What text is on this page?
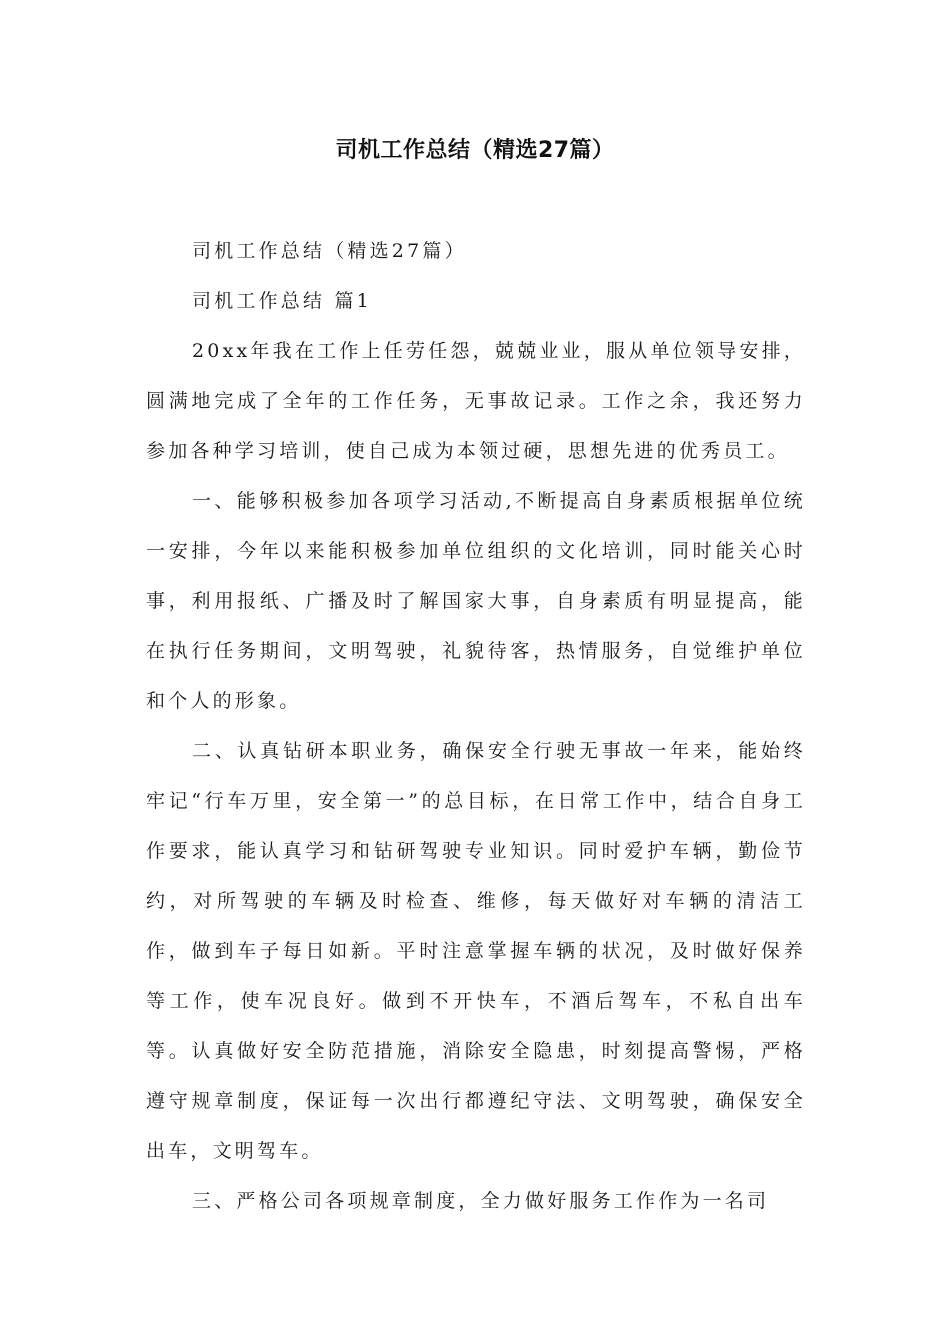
司机工作总结（精选27篇）

司机工作总结（精选27篇）

司机工作总结 篇1

20xx年我在工作上任劳任怨，兢兢业业，服从单位领导安排，圆满地完成了全年的工作任务，无事故记录。工作之余，我还努力参加各种学习培训，使自己成为本领过硬，思想先进的优秀员工。

一、能够积极参加各项学习活动,不断提高自身素质根据单位统一安排，今年以来能积极参加单位组织的文化培训，同时能关心时事，利用报纸、广播及时了解国家大事，自身素质有明显提高，能在执行任务期间，文明驾驶，礼貌待客，热情服务，自觉维护单位和个人的形象。

二、认真钻研本职业务，确保安全行驶无事故一年来，能始终牢记“行车万里，安全第一”的总目标，在日常工作中，结合自身工作要求，能认真学习和钻研驾驶专业知识。同时爱护车辆，勤俭节约，对所驾驶的车辆及时检查、维修，每天做好对车辆的清洁工作，做到车子每日如新。平时注意掌握车辆的状况，及时做好保养等工作，使车况良好。做到不开快车，不酒后驾车，不私自出车等。认真做好安全防范措施，消除安全隐患，时刻提高警惕，严格遵守规章制度，保证每一次出行都遵纪守法、文明驾驶，确保安全出车，文明驾车。

三、严格公司各项规章制度，全力做好服务工作作为一名司
